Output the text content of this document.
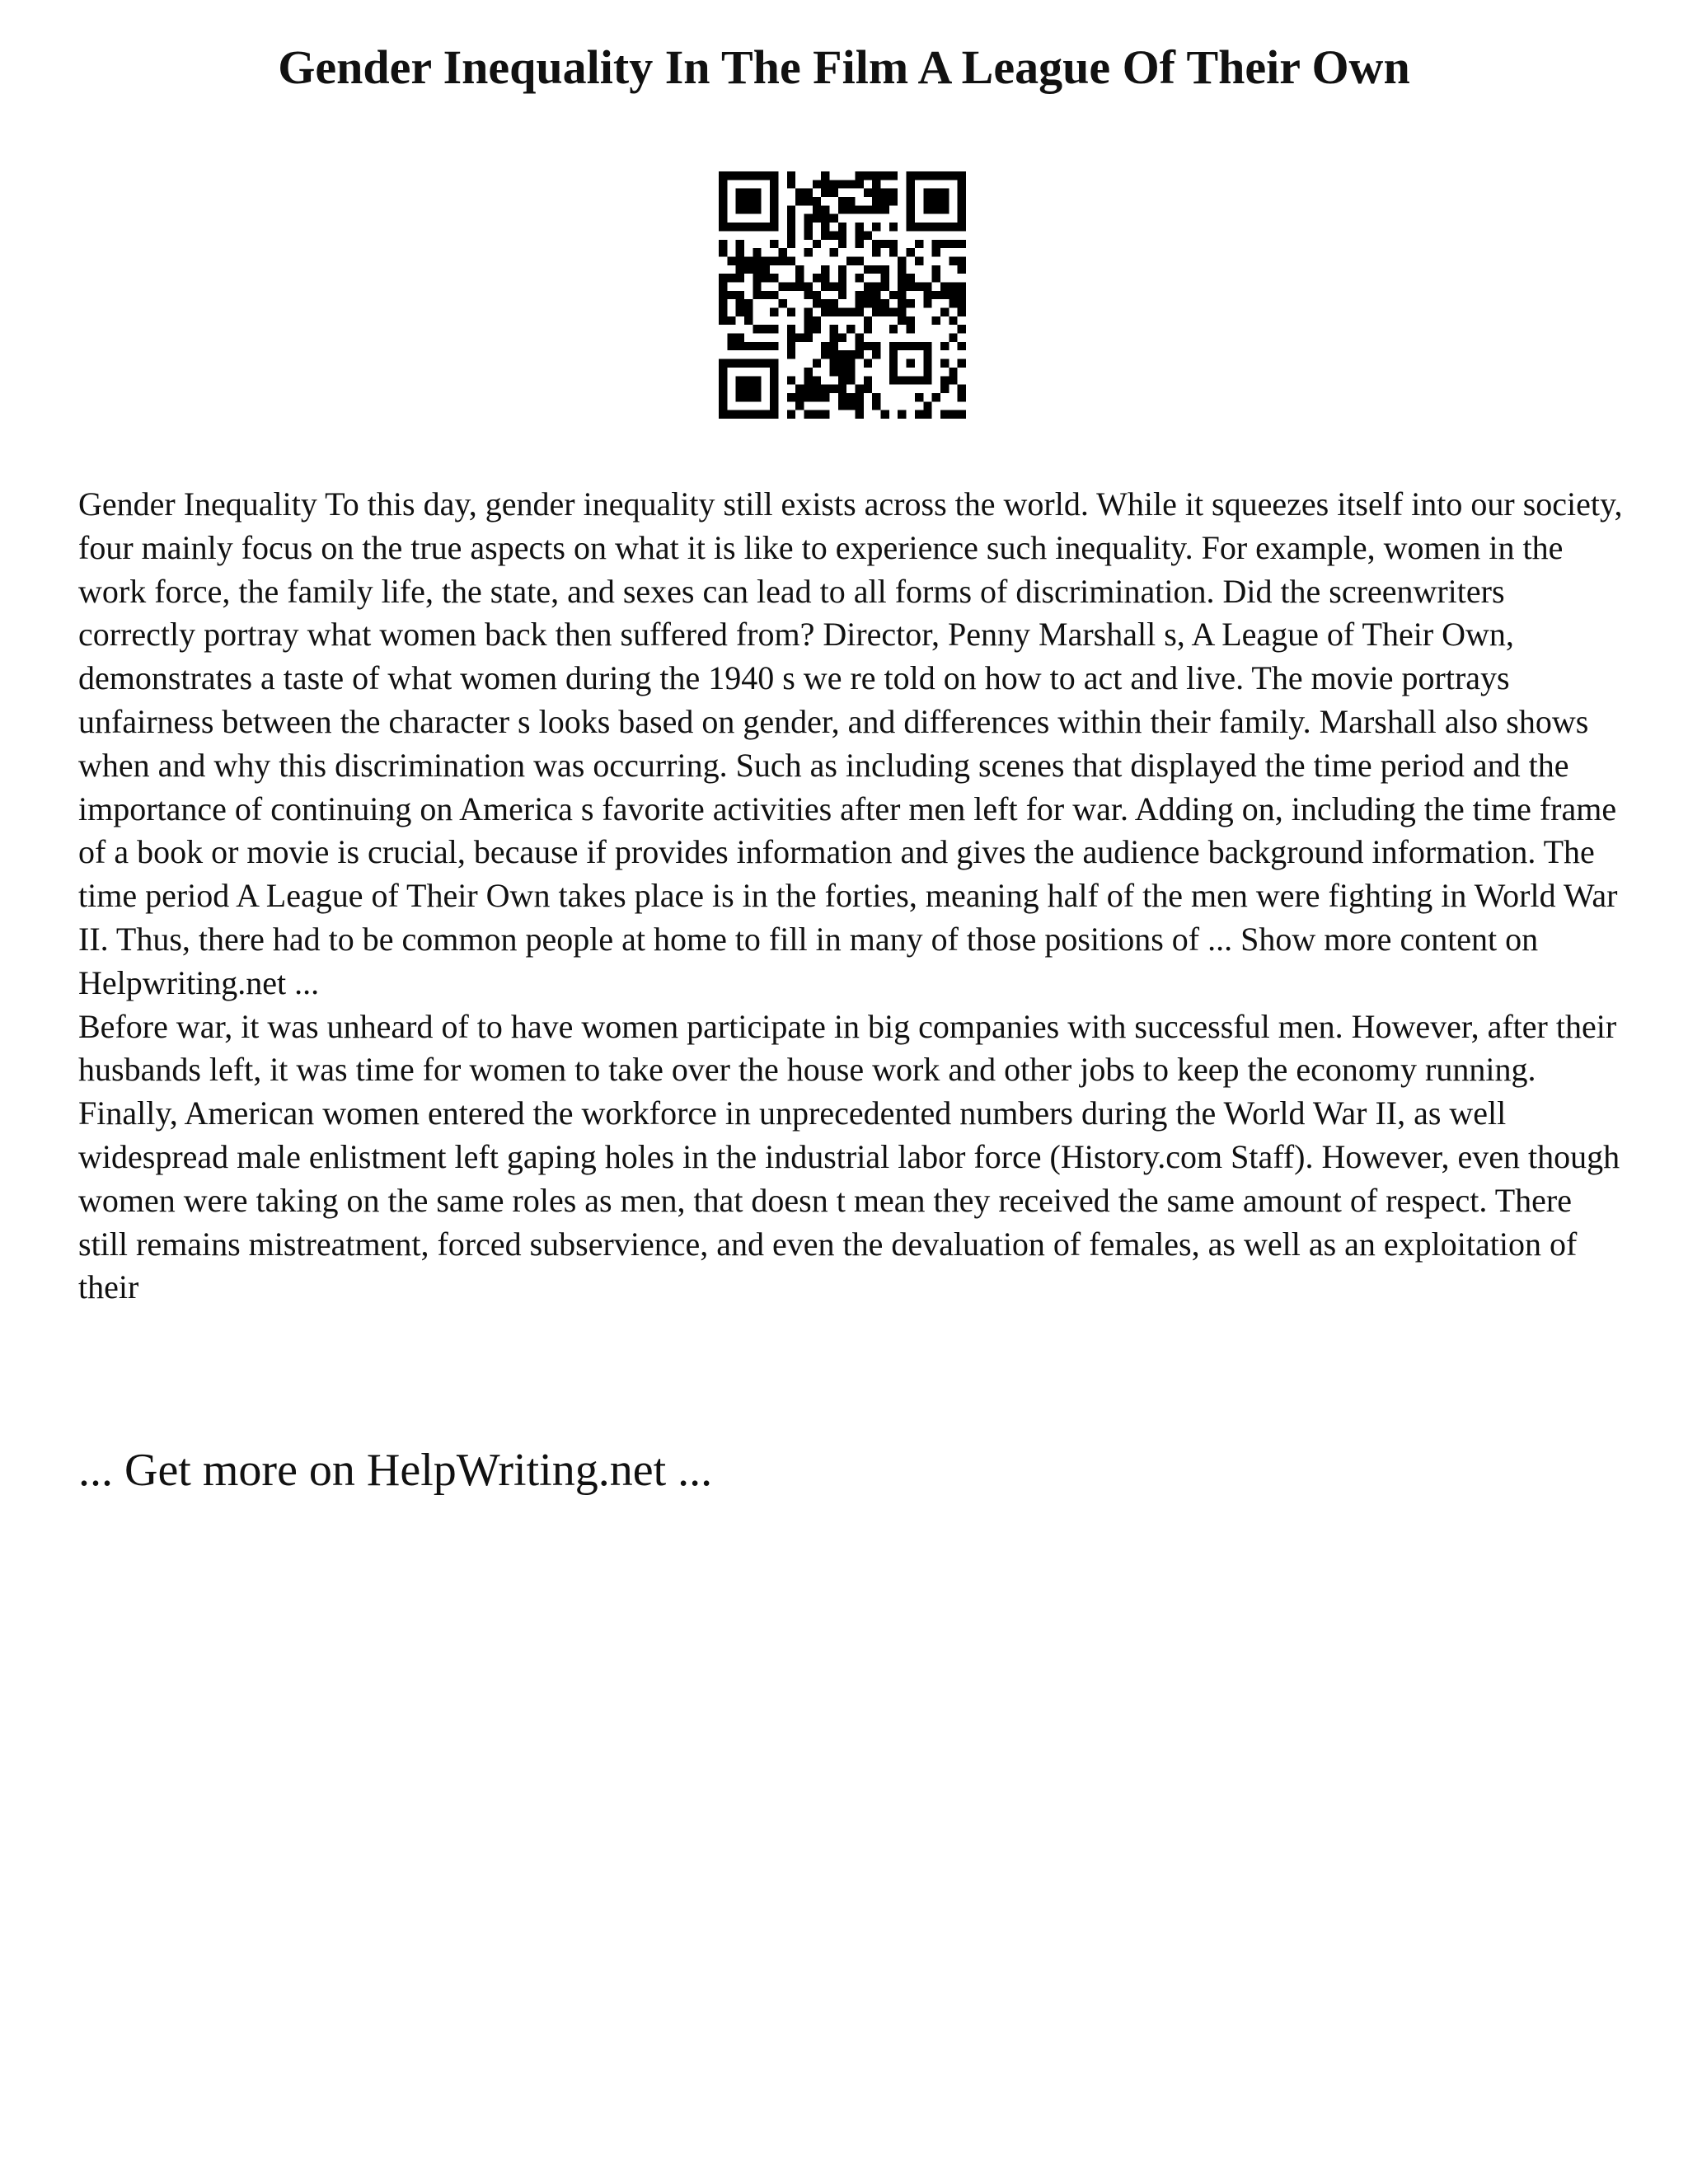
Gender Inequality In The Film A League Of Their Own

Gender Inequality To this day, gender inequality still exists across the world. While it squeezes itself into our society, four mainly focus on the true aspects on what it is like to experience such inequality. For example, women in the work force, the family life, the state, and sexes can lead to all forms of discrimination. Did the screenwriters correctly portray what women back then suffered from? Director, Penny Marshall s, A League of Their Own, demonstrates a taste of what women during the 1940 s we re told on how to act and live. The movie portrays unfairness between the character s looks based on gender, and differences within their family. Marshall also shows when and why this discrimination was occurring. Such as including scenes that displayed the time period and the importance of continuing on America s favorite activities after men left for war. Adding on, including the time frame of a book or movie is crucial, because if provides information and gives the audience background information. The time period A League of Their Own takes place is in the forties, meaning half of the men were fighting in World War II. Thus, there had to be common people at home to fill in many of those positions of ... Show more content on Helpwriting.net ...

Before war, it was unheard of to have women participate in big companies with successful men. However, after their husbands left, it was time for women to take over the house work and other jobs to keep the economy running. Finally, American women entered the workforce in unprecedented numbers during the World War II, as well widespread male enlistment left gaping holes in the industrial labor force (History.com Staff). However, even though women were taking on the same roles as men, that doesn t mean they received the same amount of respect. There still remains mistreatment, forced subservience, and even the devaluation of females, as well as an exploitation of their

... Get more on HelpWriting.net ...
